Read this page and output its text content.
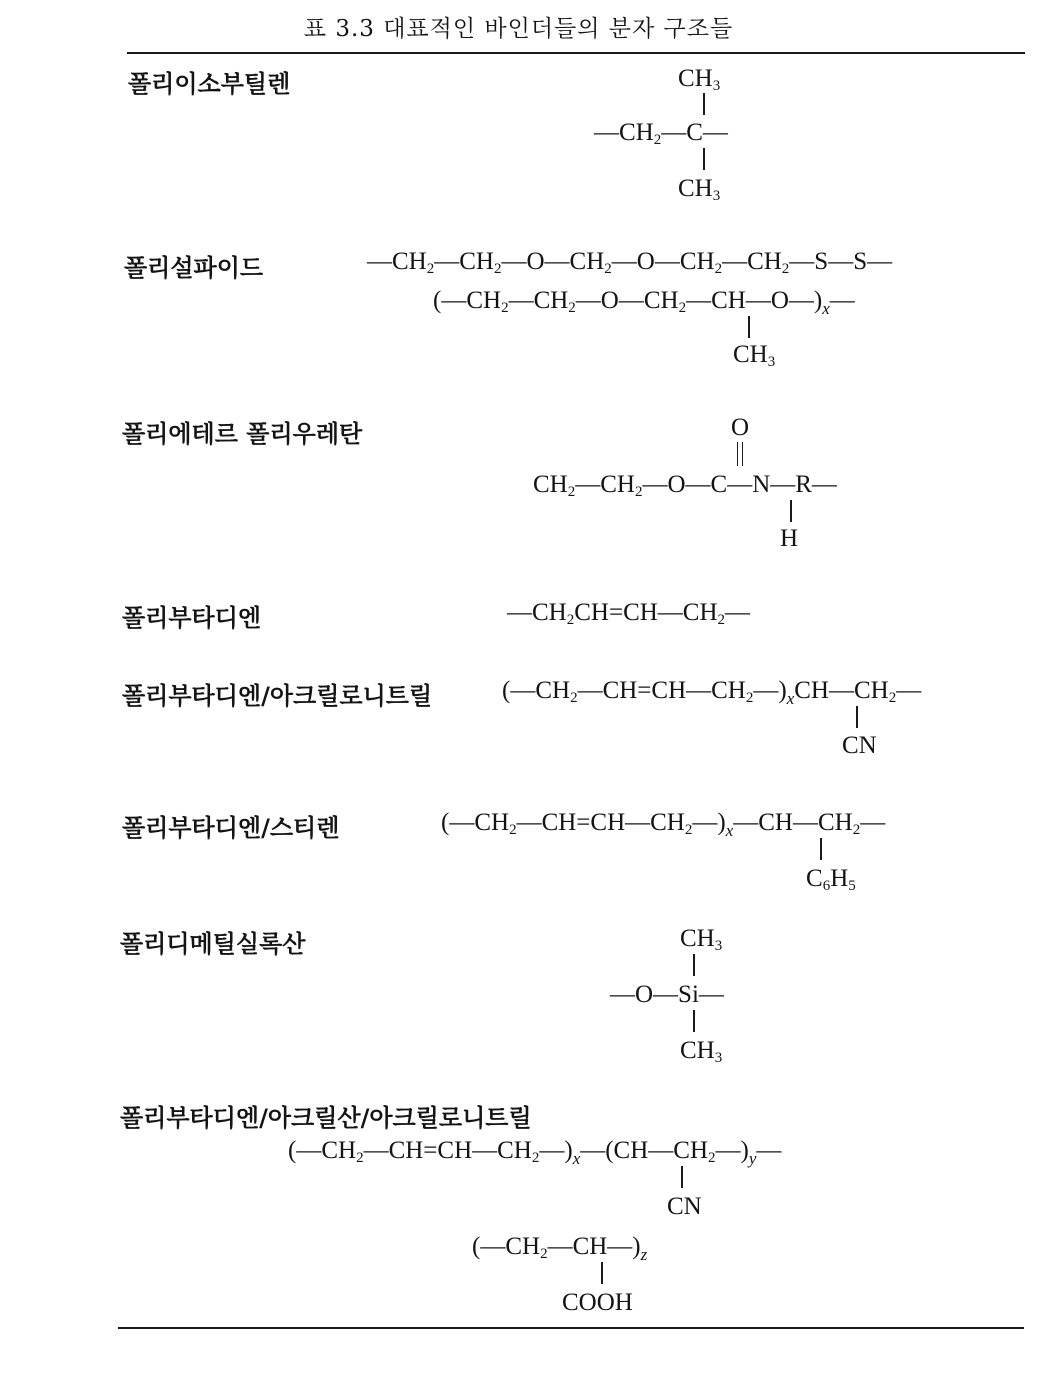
표 3.3 대표적인 바인더들의 분자 구조들
폴리이소부틸렌	$CH_3$
$—CH_2—C—$
$CH_3$
폴리설파이드	$—CH_2—CH_2—O—CH_2—O—CH_2—CH_2—S—S—$
$(—CH_2—CH_2—O—CH_2—CH—O—)_x—$
$CH_3$
폴리에테르 폴리우레탄	O
$CH_2—CH_2—O—C—N—R—$
H
폴리부타디엔	$—CH_2CH=CH—CH_2—$
폴리부타디엔/아크릴로니트릴	$(—CH_2—CH=CH—CH_2—)_xCH—CH_2—$
CN
폴리부타디엔/스티렌	$(—CH_2—CH=CH—CH_2—)_x—CH—CH_2—$
$C_6H_5$
폴리디메틸실록산	$CH_3$
—O—Si—
$CH_3$
폴리부타디엔/아크릴산/아크릴로니트릴
$(—CH_2—CH=CH—CH_2—)_x—(CH—CH_2—)_y—$
CN
$(—CH_2—CH—)_z$
COOH
